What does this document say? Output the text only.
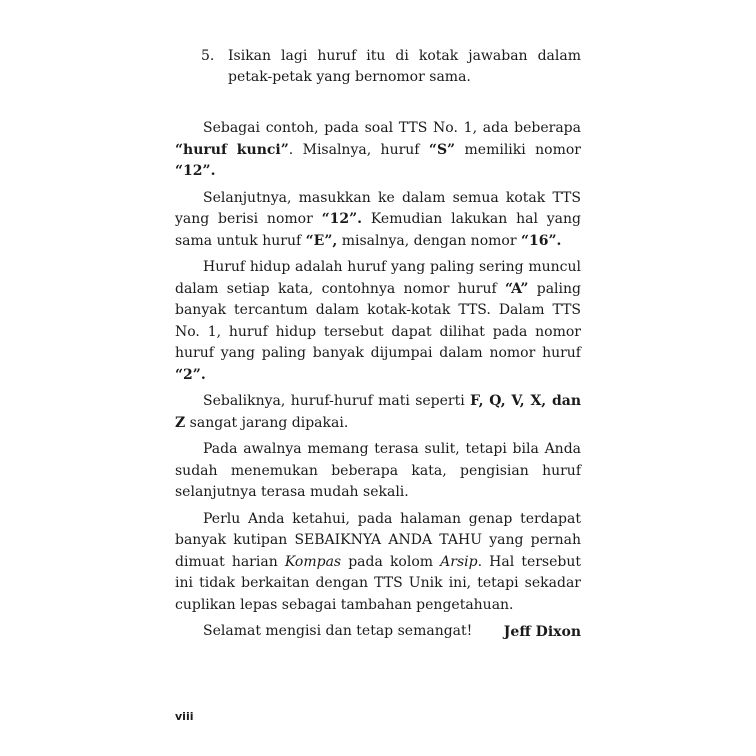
5. Isikan lagi huruf itu di kotak jawaban dalam petak-petak yang bernomor sama.

Sebagai contoh, pada soal TTS No. 1, ada beberapa “huruf kunci”. Misalnya, huruf “S” memiliki nomor “12”.

Selanjutnya, masukkan ke dalam semua kotak TTS yang berisi nomor “12”. Kemudian lakukan hal yang sama untuk huruf “E”, misalnya, dengan nomor “16”.

Huruf hidup adalah huruf yang paling sering muncul dalam setiap kata, contohnya nomor huruf “A” paling banyak tercantum dalam kotak-kotak TTS. Dalam TTS No. 1, huruf hidup tersebut dapat dilihat pada nomor huruf yang paling banyak dijumpai dalam nomor huruf “2”.

Sebaliknya, huruf-huruf mati seperti F, Q, V, X, dan Z sangat jarang dipakai.

Pada awalnya memang terasa sulit, tetapi bila Anda sudah menemukan beberapa kata, pengisian huruf selanjutnya terasa mudah sekali.

Perlu Anda ketahui, pada halaman genap terdapat banyak kutipan SEBAIKNYA ANDA TAHU yang pernah dimuat harian Kompas pada kolom Arsip. Hal tersebut ini tidak berkaitan dengan TTS Unik ini, tetapi sekadar cuplikan lepas sebagai tambahan pengetahuan.

Selamat mengisi dan tetap semangat!	Jeff Dixon
viii
